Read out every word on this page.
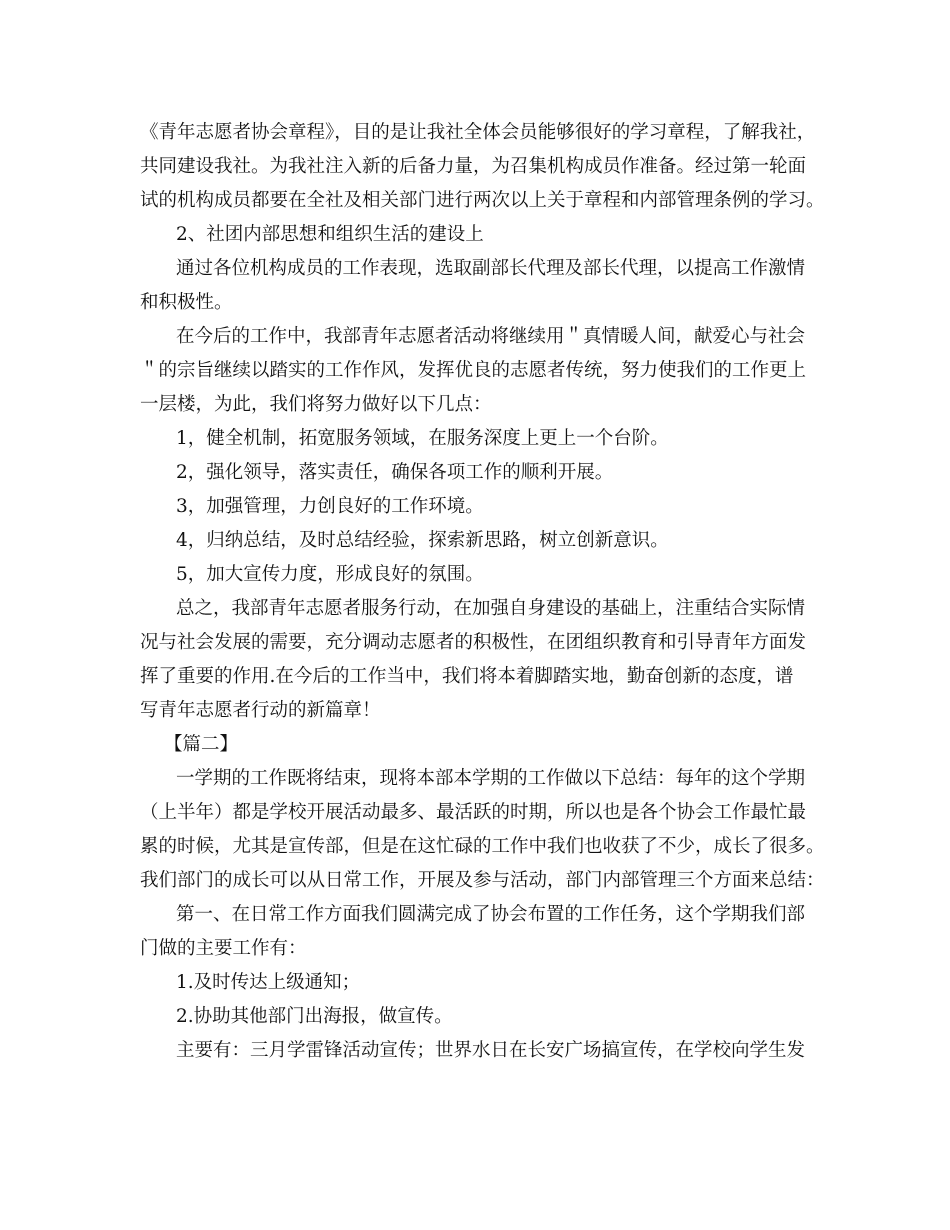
《青年志愿者协会章程》，目的是让我社全体会员能够很好的学习章程，了解我社，
共同建设我社。为我社注入新的后备力量，为召集机构成员作准备。经过第一轮面
试的机构成员都要在全社及相关部门进行两次以上关于章程和内部管理条例的学习。
2、社团内部思想和组织生活的建设上
通过各位机构成员的工作表现，选取副部长代理及部长代理，以提高工作激情
和积极性。
在今后的工作中，我部青年志愿者活动将继续用＂真情暖人间，献爱心与社会
＂的宗旨继续以踏实的工作作风，发挥优良的志愿者传统，努力使我们的工作更上
一层楼，为此，我们将努力做好以下几点：
1，健全机制，拓宽服务领域，在服务深度上更上一个台阶。
2，强化领导，落实责任，确保各项工作的顺利开展。
3，加强管理，力创良好的工作环境。
4，归纳总结，及时总结经验，探索新思路，树立创新意识。
5，加大宣传力度，形成良好的氛围。
总之，我部青年志愿者服务行动，在加强自身建设的基础上，注重结合实际情
况与社会发展的需要，充分调动志愿者的积极性，在团组织教育和引导青年方面发
挥了重要的作用.在今后的工作当中，我们将本着脚踏实地，勤奋创新的态度，谱
写青年志愿者行动的新篇章！
【篇二】
一学期的工作既将结束，现将本部本学期的工作做以下总结：每年的这个学期
（上半年）都是学校开展活动最多、最活跃的时期，所以也是各个协会工作最忙最
累的时候，尤其是宣传部，但是在这忙碌的工作中我们也收获了不少，成长了很多。
我们部门的成长可以从日常工作，开展及参与活动，部门内部管理三个方面来总结：
第一、在日常工作方面我们圆满完成了协会布置的工作任务，这个学期我们部
门做的主要工作有：
1.及时传达上级通知；
2.协助其他部门出海报，做宣传。
主要有：三月学雷锋活动宣传；世界水日在长安广场搞宣传，在学校向学生发
